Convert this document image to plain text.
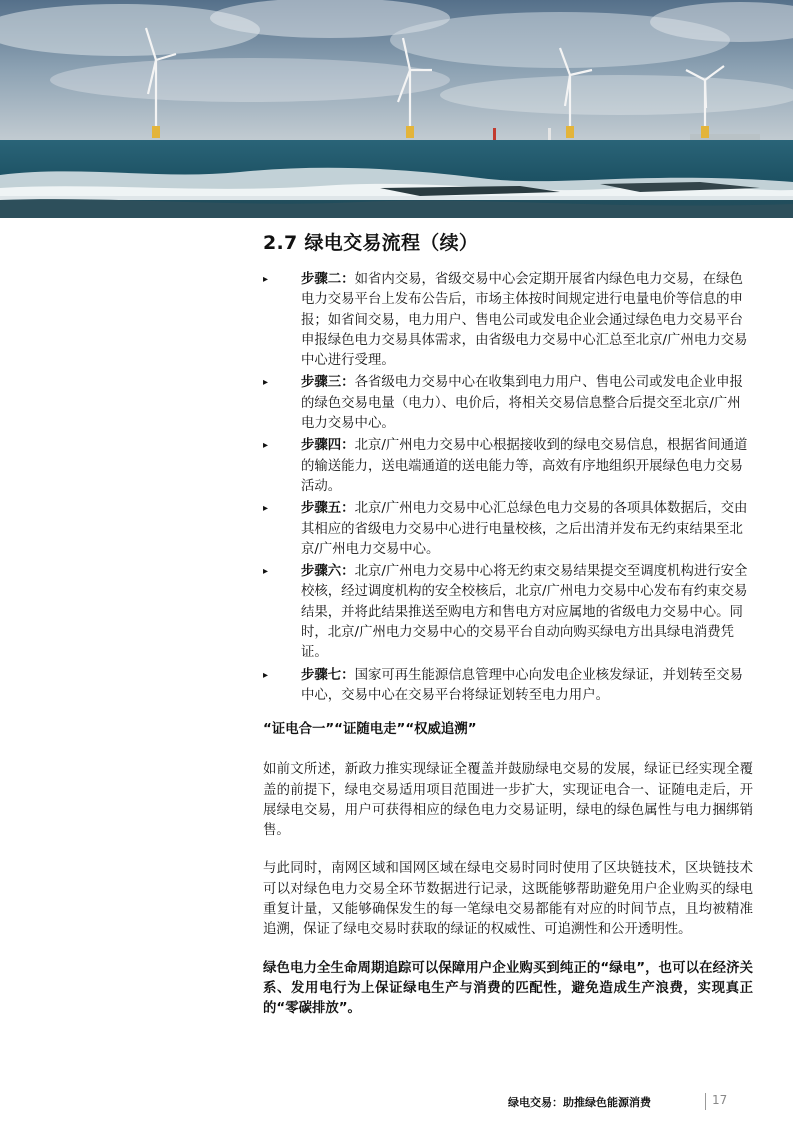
2.7 绿电交易流程（续）
▸ 步骤二：如省内交易，省级交易中心会定期开展省内绿色电力交易，在绿色电力交易平台上发布公告后，市场主体按时间规定进行电量电价等信息的申报；如省间交易，电力用户、售电公司或发电企业会通过绿色电力交易平台申报绿色电力交易具体需求，由省级电力交易中心汇总至北京/广州电力交易中心进行受理。
▸ 步骤三：各省级电力交易中心在收集到电力用户、售电公司或发电企业申报的绿色交易电量（电力）、电价后，将相关交易信息整合后提交至北京/广州电力交易中心。
▸ 步骤四：北京/广州电力交易中心根据接收到的绿电交易信息，根据省间通道的输送能力，送电端通道的送电能力等，高效有序地组织开展绿色电力交易活动。
▸ 步骤五：北京/广州电力交易中心汇总绿色电力交易的各项具体数据后，交由其相应的省级电力交易中心进行电量校核，之后出清并发布无约束结果至北京/广州电力交易中心。
▸ 步骤六：北京/广州电力交易中心将无约束交易结果提交至调度机构进行安全校核，经过调度机构的安全校核后，北京/广州电力交易中心发布有约束交易结果，并将此结果推送至购电方和售电方对应属地的省级电力交易中心。同时，北京/广州电力交易中心的交易平台自动向购买绿电方出具绿电消费凭证。
▸ 步骤七：国家可再生能源信息管理中心向发电企业核发绿证，并划转至交易中心，交易中心在交易平台将绿证划转至电力用户。
“证电合一”“证随电走”“权威追溯”

如前文所述，新政力推实现绿证全覆盖并鼓励绿电交易的发展，绿证已经实现全覆盖的前提下，绿电交易适用项目范围进一步扩大，实现证电合一、证随电走后，开展绿电交易，用户可获得相应的绿色电力交易证明，绿电的绿色属性与电力捆绑销售。

与此同时，南网区域和国网区域在绿电交易时同时使用了区块链技术，区块链技术可以对绿色电力交易全环节数据进行记录，这既能够帮助避免用户企业购买的绿电重复计量，又能够确保发生的每一笔绿电交易都能有对应的时间节点，且均被精准追溯，保证了绿电交易时获取的绿证的权威性、可追溯性和公开透明性。

绿色电力全生命周期追踪可以保障用户企业购买到纯正的“绿电”，也可以在经济关系、发用电行为上保证绿电生产与消费的匹配性，避免造成生产浪费，实现真正的“零碳排放”。

绿电交易：助推绿色能源消费	17
